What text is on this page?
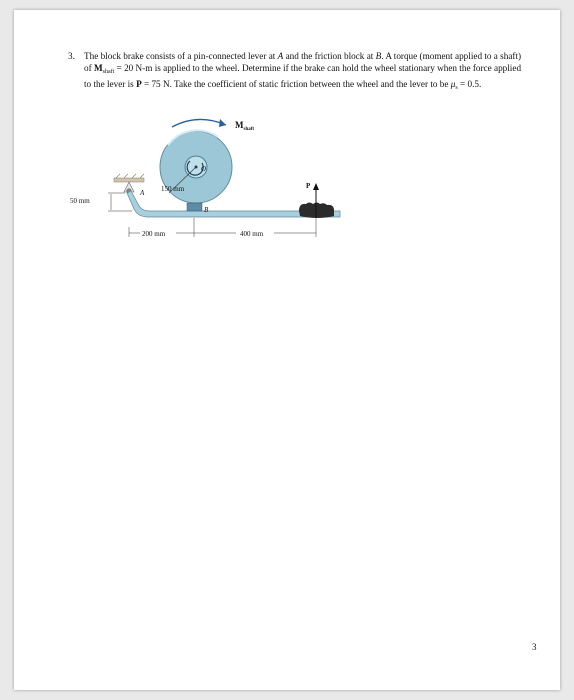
3. The block brake consists of a pin-connected lever at A and the friction block at B. A torque (moment applied to a shaft) of $M_{shaft} = 20$ N-m is applied to the wheel. Determine if the brake can hold the wheel stationary when the force applied to the lever is P = 75 N. Take the coefficient of static friction between the wheel and the lever to be $\mu_s = 0.5$.
$M_{shaft}$
O
150 mm
A
B
P
50 mm
200 mm	400 mm
3
